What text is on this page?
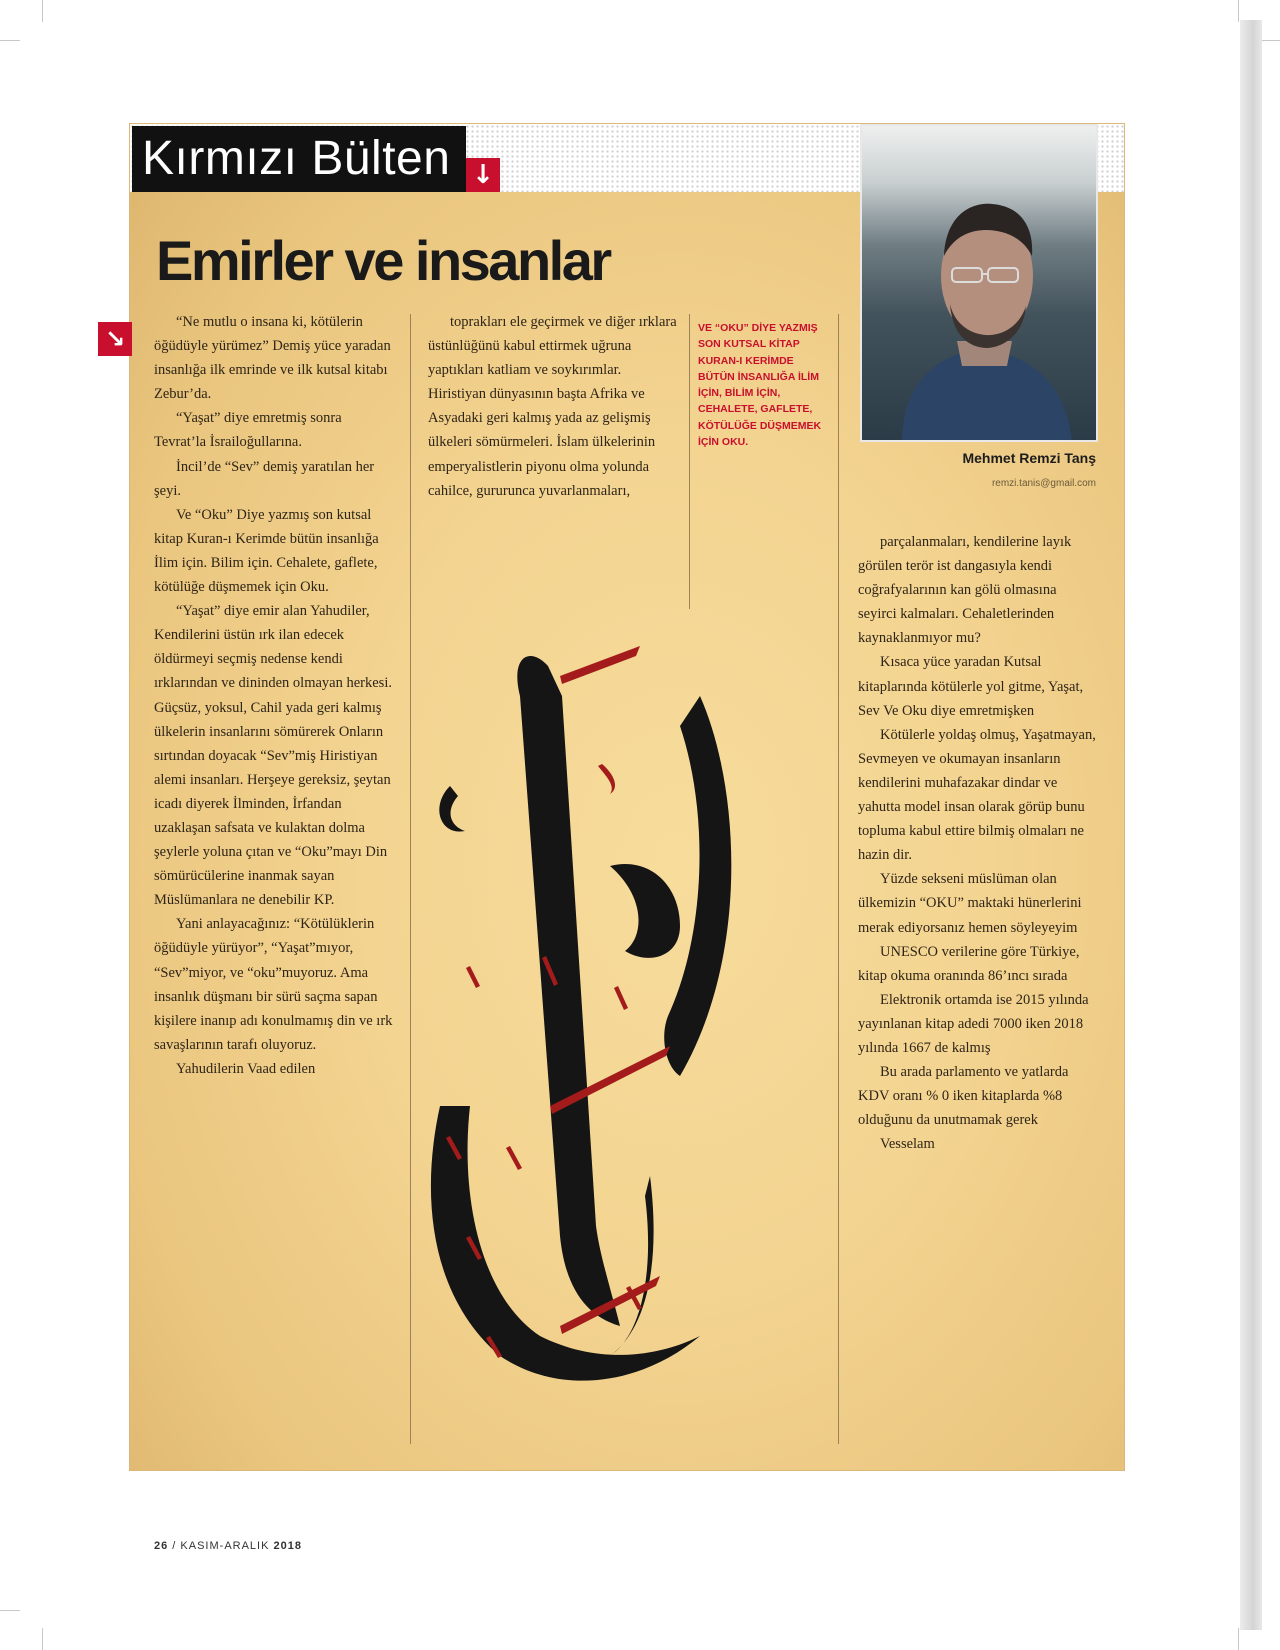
Kırmızı Bülten ↓
Emirler ve insanlar
↘

“Ne mutlu o insana ki, kötülerin öğüdüyle yürümez” Demiş yüce yaradan insanlığa ilk emrinde ve ilk kutsal kitabı Zebur’da.

“Yaşat” diye emretmiş sonra Tevrat’la İsrailoğullarına.

İncil’de “Sev” demiş yaratılan her şeyi.

Ve “Oku” Diye yazmış son kutsal kitap Kuran-ı Kerimde bütün insanlığa İlim için. Bilim için. Cehalete, gaflete, kötülüğe düşmemek için Oku.

“Yaşat” diye emir alan Yahudiler, Kendilerini üstün ırk ilan edecek öldürmeyi seçmiş nedense kendi ırklarından ve dininden olmayan herkesi. Güçsüz, yoksul, Cahil yada geri kalmış ülkelerin insanlarını sömürerek Onların sırtından doyacak “Sev”miş Hiristiyan alemi insanları. Herşeye gereksiz, şeytan icadı diyerek İlminden, İrfandan uzaklaşan safsata ve kulaktan dolma şeylerle yoluna çıtan ve “Oku”mayı Din sömürücülerine inanmak sayan Müslümanlara ne denebilir KP.

Yani anlayacağınız: “Kötülüklerin öğüdüyle yürüyor”, “Yaşat”mıyor, “Sev”miyor, ve “oku”muyoruz. Ama insanlık düşmanı bir sürü saçma sapan kişilere inanıp adı konulmamış din ve ırk savaşlarının tarafı oluyoruz.

Yahudilerin Vaad edilen

toprakları ele geçirmek ve diğer ırklara üstünlüğünü kabul ettirmek uğruna yaptıkları katliam ve soykırımlar. Hiristiyan dünyasının başta Afrika ve Asyadaki geri kalmış yada az gelişmiş ülkeleri sömürmeleri. İslam ülkelerinin emperyalistlerin piyonu olma yolunda cahilce, gururunca yuvarlanmaları,

parçalanmaları, kendilerine layık görülen terör ist dangasıyla kendi coğrafyalarının kan gölü olmasına seyirci kalmaları. Cehaletlerinden kaynaklanmıyor mu?

Kısaca yüce yaradan Kutsal kitaplarında kötülerle yol gitme, Yaşat, Sev Ve Oku diye emretmişken

Kötülerle yoldaş olmuş, Yaşatmayan, Sevmeyen ve okumayan insanların kendilerini muhafazakar dindar ve yahutta model insan olarak görüp bunu topluma kabul ettire bilmiş olmaları ne hazin dir.

Yüzde sekseni müslüman olan ülkemizin “OKU” maktaki hünerlerini merak ediyorsanız hemen söyleyeyim

UNESCO verilerine göre Türkiye, kitap okuma oranında 86’ıncı sırada

Elektronik ortamda ise 2015 yılında yayınlanan kitap adedi 7000 iken 2018 yılında 1667 de kalmış

Bu arada parlamento ve yatlarda KDV oranı % 0 iken kitaplarda %8 olduğunu da unutmamak gerek

Vesselam

VE “OKU” DİYE YAZMIŞ SON KUTSAL KİTAP KURAN-I KERİMDE BÜTÜN İNSANLIĞA İLİM İÇİN, BİLİM İÇİN, CEHALETE, GAFLETE, KÖTÜLÜĞE DÜŞMEMEK İÇİN OKU.
Mehmet Remzi Tanş
remzi.tanis@gmail.com
26 / KASIM-ARALIK 2018
